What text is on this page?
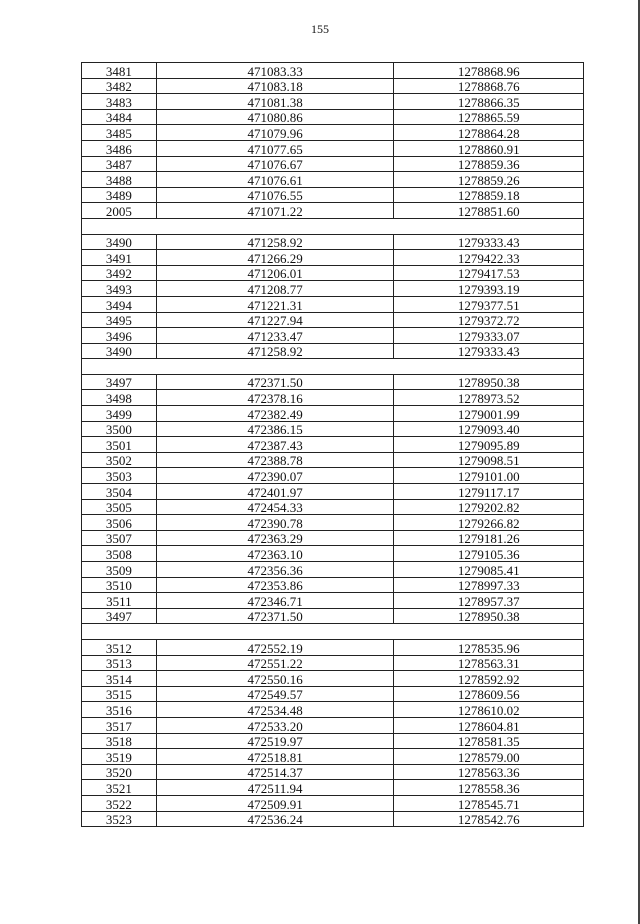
155
3481	471083.33	1278868.96
3482	471083.18	1278868.76
3483	471081.38	1278866.35
3484	471080.86	1278865.59
3485	471079.96	1278864.28
3486	471077.65	1278860.91
3487	471076.67	1278859.36
3488	471076.61	1278859.26
3489	471076.55	1278859.18
2005	471071.22	1278851.60

3490	471258.92	1279333.43
3491	471266.29	1279422.33
3492	471206.01	1279417.53
3493	471208.77	1279393.19
3494	471221.31	1279377.51
3495	471227.94	1279372.72
3496	471233.47	1279333.07
3490	471258.92	1279333.43

3497	472371.50	1278950.38
3498	472378.16	1278973.52
3499	472382.49	1279001.99
3500	472386.15	1279093.40
3501	472387.43	1279095.89
3502	472388.78	1279098.51
3503	472390.07	1279101.00
3504	472401.97	1279117.17
3505	472454.33	1279202.82
3506	472390.78	1279266.82
3507	472363.29	1279181.26
3508	472363.10	1279105.36
3509	472356.36	1279085.41
3510	472353.86	1278997.33
3511	472346.71	1278957.37
3497	472371.50	1278950.38

3512	472552.19	1278535.96
3513	472551.22	1278563.31
3514	472550.16	1278592.92
3515	472549.57	1278609.56
3516	472534.48	1278610.02
3517	472533.20	1278604.81
3518	472519.97	1278581.35
3519	472518.81	1278579.00
3520	472514.37	1278563.36
3521	472511.94	1278558.36
3522	472509.91	1278545.71
3523	472536.24	1278542.76
